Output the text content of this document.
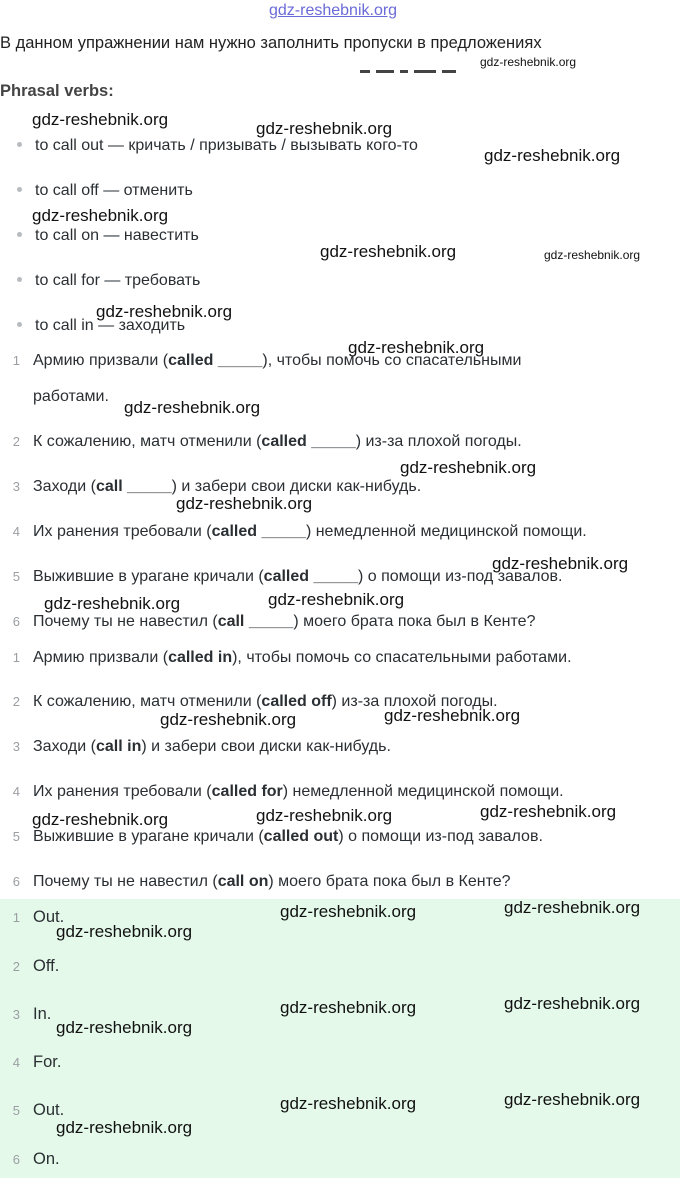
gdz-reshebnik.org
В данном упражнении нам нужно заполнить пропуски в предложениях
Phrasal verbs:
to call out — кричать / призывать / вызывать кого-то
to call off — отменить
to call on — навестить
to call for — требовать
to call in — заходить
1 Армию призвали (called _____), чтобы помочь со спасательными
работами.
2 К сожалению, матч отменили (called _____) из-за плохой погоды.
3 Заходи (call _____) и забери свои диски как-нибудь.
4 Их ранения требовали (called _____) немедленной медицинской помощи.
5 Выжившие в урагане кричали (called _____) о помощи из-под завалов.
6 Почему ты не навестил (call _____) моего брата пока был в Кенте?
1 Армию призвали (called in), чтобы помочь со спасательными работами.
2 К сожалению, матч отменили (called off) из-за плохой погоды.
3 Заходи (call in) и забери свои диски как-нибудь.
4 Их ранения требовали (called for) немедленной медицинской помощи.
5 Выжившие в урагане кричали (called out) о помощи из-под завалов.
6 Почему ты не навестил (call on) моего брата пока был в Кенте?
1 Out.
2 Off.
3 In.
4 For.
5 Out.
6 On.
gdz-reshebnik.org
gdz-reshebnik.org	gdz-reshebnik.org
gdz-reshebnik.org
gdz-reshebnik.org
gdz-reshebnik.org	gdz-reshebnik.org
gdz-reshebnik.org
gdz-reshebnik.org
gdz-reshebnik.org
gdz-reshebnik.org
gdz-reshebnik.org
gdz-reshebnik.org
gdz-reshebnik.org	gdz-reshebnik.org
gdz-reshebnik.org	gdz-reshebnik.org
gdz-reshebnik.org
gdz-reshebnik.org
gdz-reshebnik.org
gdz-reshebnik.org	gdz-reshebnik.org
gdz-reshebnik.org
gdz-reshebnik.org	gdz-reshebnik.org
gdz-reshebnik.org
gdz-reshebnik.org	gdz-reshebnik.org
gdz-reshebnik.org
